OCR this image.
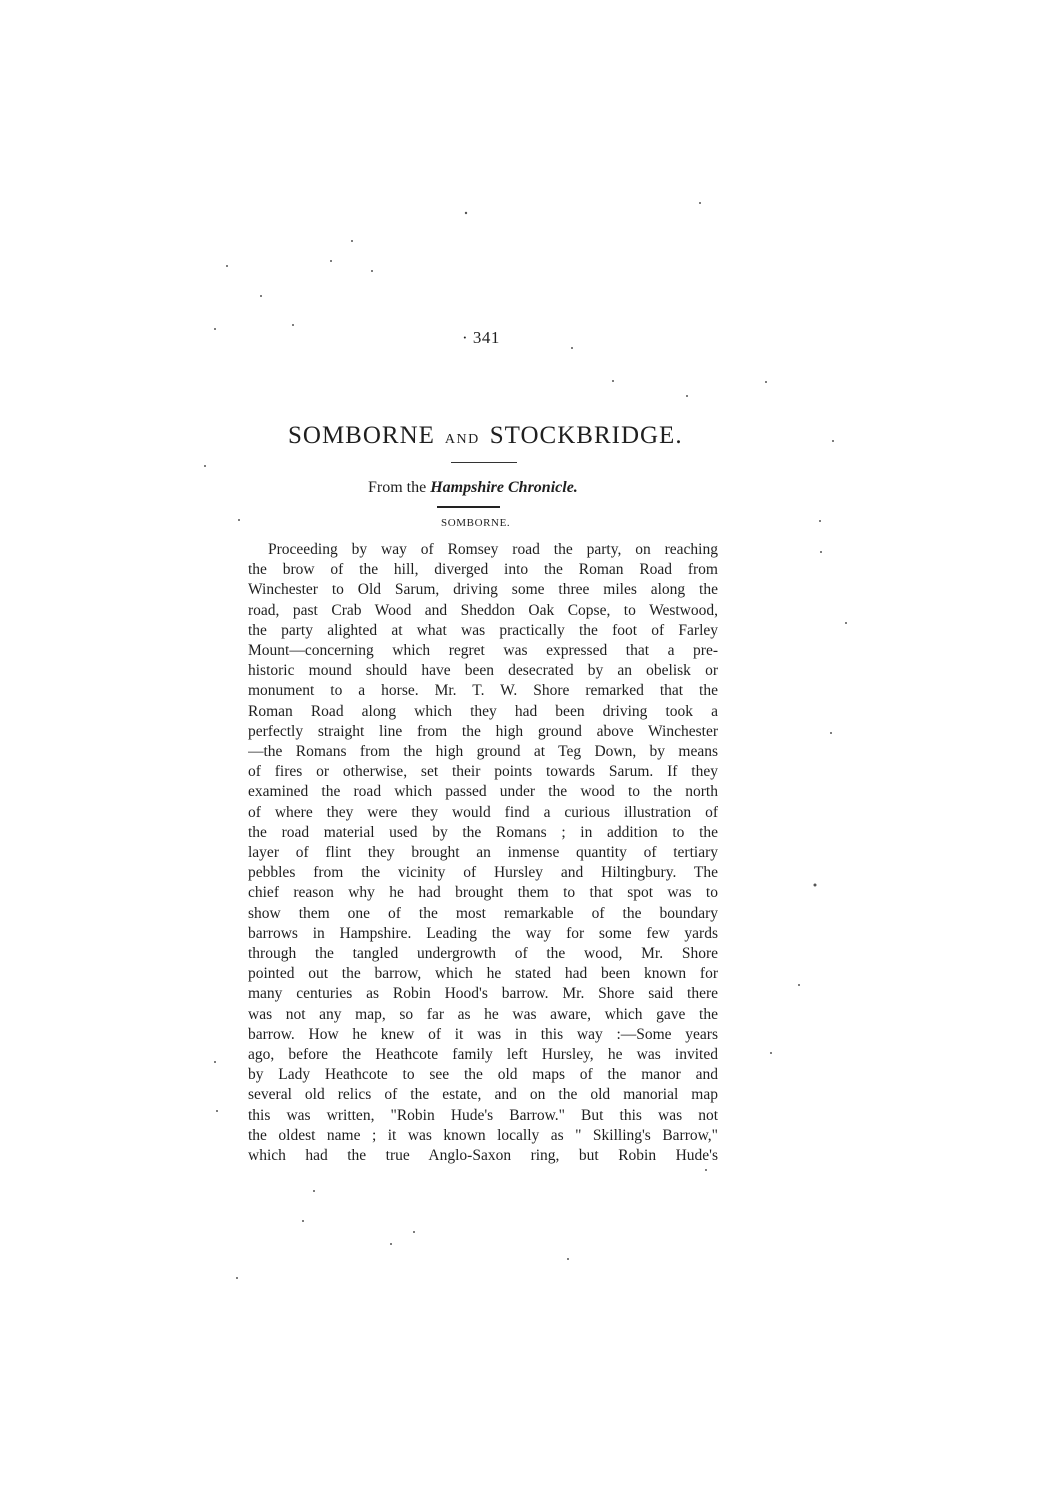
· 341
SOMBORNE AND STOCKBRIDGE.
From the Hampshire Chronicle.
SOMBORNE.
Proceeding by way of Romsey road the party, on reaching
the brow of the hill, diverged into the Roman Road from
Winchester to Old Sarum, driving some three miles along the
road, past Crab Wood and Sheddon Oak Copse, to Westwood,
the party alighted at what was practically the foot of Farley
Mount—concerning which regret was expressed that a pre-
historic mound should have been desecrated by an obelisk or
monument to a horse. Mr. T. W. Shore remarked that the
Roman Road along which they had been driving took a
perfectly straight line from the high ground above Winchester
—the Romans from the high ground at Teg Down, by means
of fires or otherwise, set their points towards Sarum. If they
examined the road which passed under the wood to the north
of where they were they would find a curious illustration of
the road material used by the Romans ; in addition to the
layer of flint they brought an inmense quantity of tertiary
pebbles from the vicinity of Hursley and Hiltingbury. The
chief reason why he had brought them to that spot was to
show them one of the most remarkable of the boundary
barrows in Hampshire. Leading the way for some few yards
through the tangled undergrowth of the wood, Mr. Shore
pointed out the barrow, which he stated had been known for
many centuries as Robin Hood's barrow. Mr. Shore said there
was not any map, so far as he was aware, which gave the
barrow. How he knew of it was in this way :—Some years
ago, before the Heathcote family left Hursley, he was invited
by Lady Heathcote to see the old maps of the manor and
several old relics of the estate, and on the old manorial map
this was written, "Robin Hude's Barrow." But this was not
the oldest name ; it was known locally as " Skilling's Barrow,"
which had the true Anglo-Saxon ring, but Robin Hude's
